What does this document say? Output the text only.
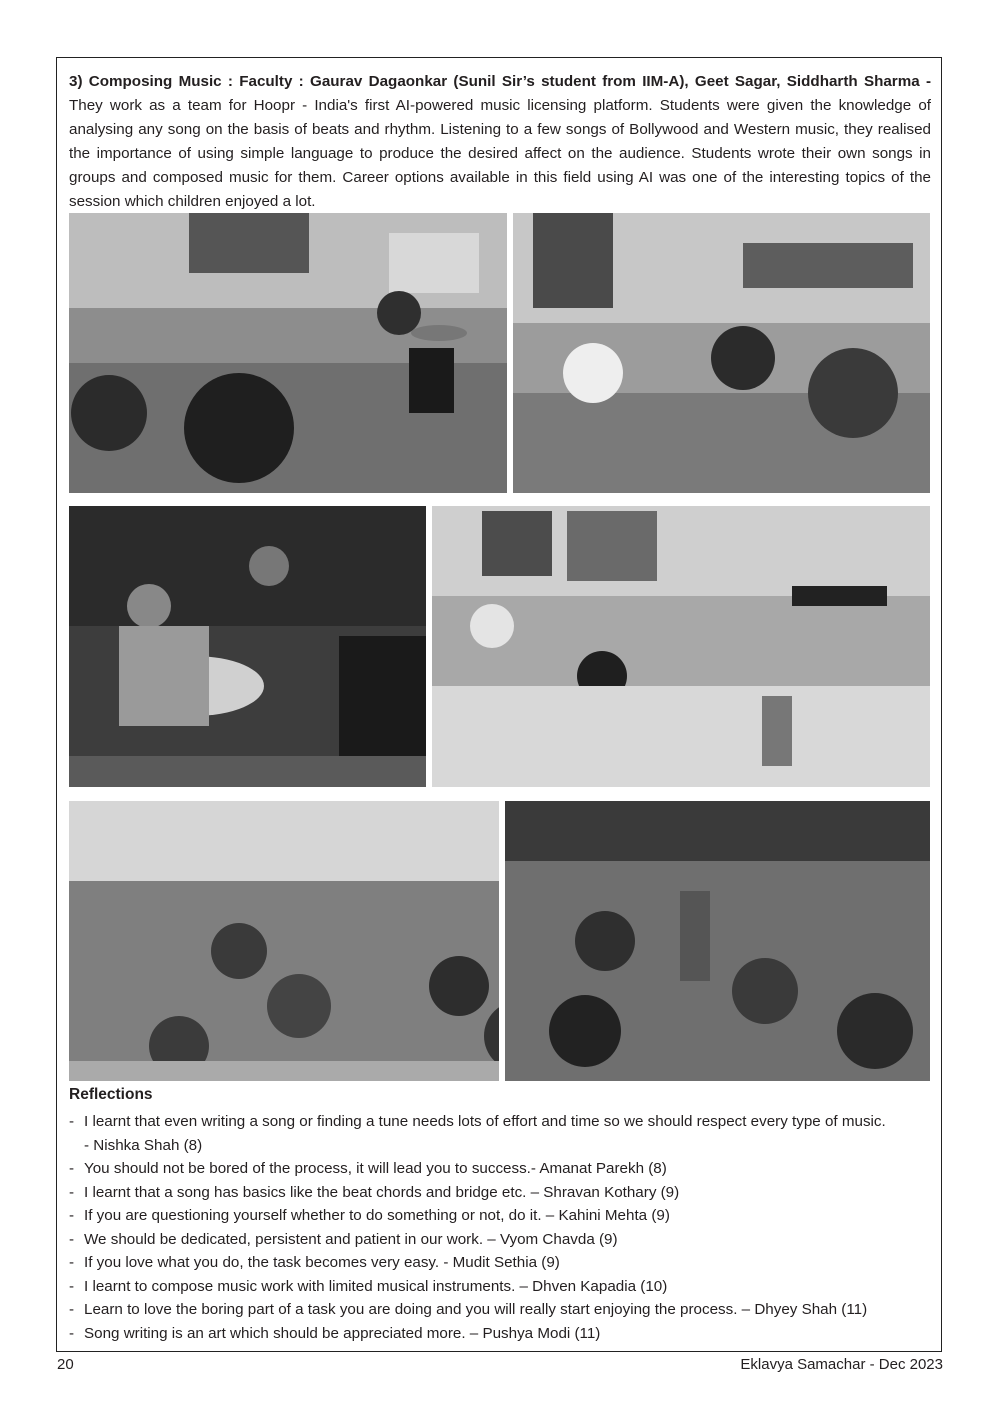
3) Composing Music : Faculty : Gaurav Dagaonkar (Sunil Sir’s student from IIM-A), Geet Sagar, Siddharth Sharma - They work as a team for Hoopr - India's first AI-powered music licensing platform. Students were given the knowledge of analysing any song on the basis of beats and rhythm. Listening to a few songs of Bollywood and Western music, they realised the importance of using simple language to produce the desired affect on the audience. Students wrote their own songs in groups and composed music for them. Career options available in this field using AI was one of the interesting topics of the session which children enjoyed a lot.

Reflections
- I learnt that even writing a song or finding a tune needs lots of effort and time so we should respect every type of music.
- Nishka Shah (8)
- You should not be bored of the process, it will lead you to success.- Amanat Parekh (8)
- I learnt that a song has basics like the beat chords and bridge etc. – Shravan Kothary (9)
- If you are questioning yourself whether to do something or not, do it. – Kahini Mehta (9)
- We should be dedicated, persistent and patient in our work. – Vyom Chavda (9)
- If you love what you do, the task becomes very easy. - Mudit Sethia (9)
- I learnt to compose music work with limited musical instruments. – Dhven Kapadia (10)
- Learn to love the boring part of a task you are doing and you will really start enjoying the process. – Dhyey Shah (11)
- Song writing is an art which should be appreciated more. – Pushya Modi (11)
20	Eklavya Samachar - Dec 2023
